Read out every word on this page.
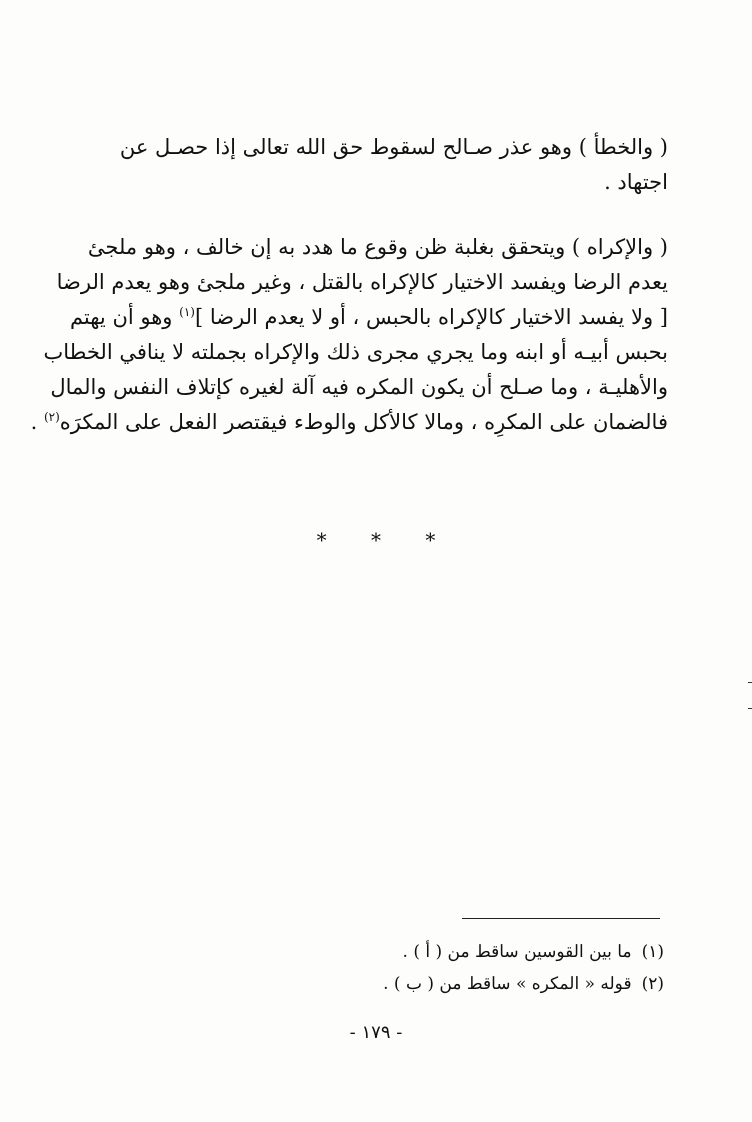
( والخطأ ) وهو عذر صـالح لسقوط حق الله تعالى إذا حصـل عن
اجتهاد .
( والإكراه ) ويتحقق بغلبة ظن وقوع ما هدد به إن خالف ، وهو ملجئ
يعدم الرضا ويفسد الاختيار كالإكراه بالقتل ، وغير ملجئ وهو يعدم الرضا
[ ولا يفسد الاختيار كالإكراه بالحبس ، أو لا يعدم الرضا ]$^{(١)}$ وهو أن يهتم
بحبس أبيـه أو ابنه وما يجري مجرى ذلك والإكراه بجملته لا ينافي الخطاب
والأهليـة ، وما صـلح أن يكون المكره فيه آلة لغيره كإتلاف النفس والمال
فالضمان على المكرِه ، ومالا كالأكل والوطء فيقتصر الفعل على المكرَه$^{(٢)}$ .
* * *
(١)ما بين القوسين ساقط من ( أ ) .
(٢)قوله « المكره » ساقط من ( ب ) .
- ١٧٩ -
